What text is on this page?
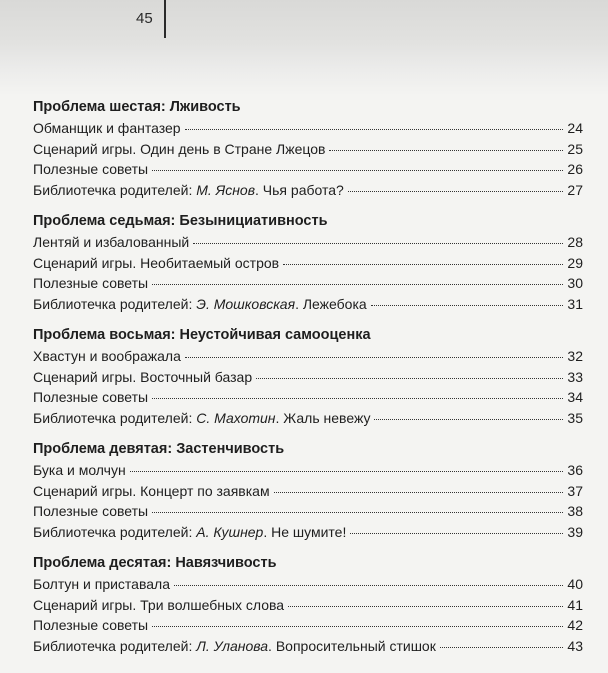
45
Проблема шестая: Лживость
Обманщик и фантазер	24
Сценарий игры. Один день в Стране Лжецов	25
Полезные советы	26
Библиотечка родителей: М. Яснов. Чья работа?	27
Проблема седьмая: Безынициативность
Лентяй и избалованный	28
Сценарий игры. Необитаемый остров	29
Полезные советы	30
Библиотечка родителей: Э. Мошковская. Лежебока	31
Проблема восьмая: Неустойчивая самооценка
Хвастун и воображала	32
Сценарий игры. Восточный базар	33
Полезные советы	34
Библиотечка родителей: С. Махотин. Жаль невежу	35
Проблема девятая: Застенчивость
Бука и молчун	36
Сценарий игры. Концерт по заявкам	37
Полезные советы	38
Библиотечка родителей: А. Кушнер. Не шумите!	39
Проблема десятая: Навязчивость
Болтун и приставала	40
Сценарий игры. Три волшебных слова	41
Полезные советы	42
Библиотечка родителей: Л. Уланова. Вопросительный стишок	43
